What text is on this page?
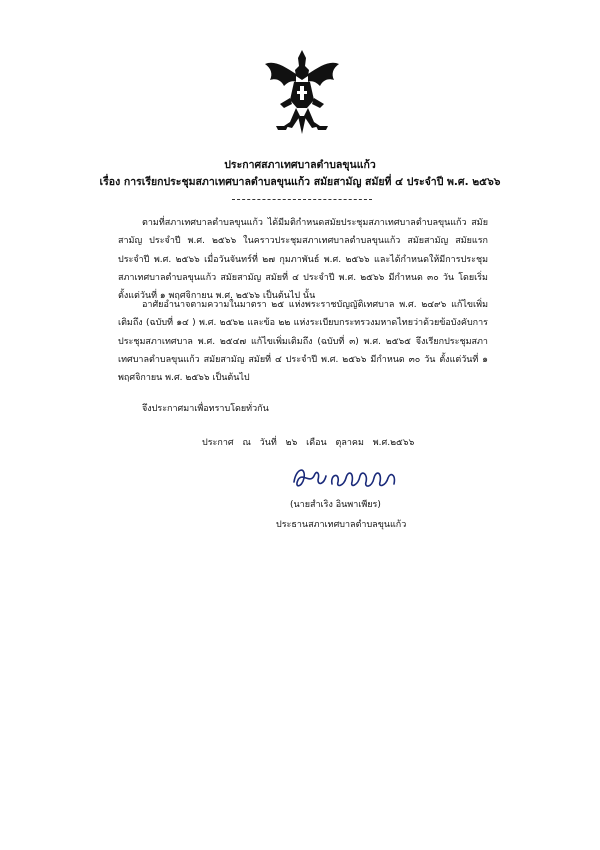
ประกาศสภาเทศบาลตำบลขุนแก้ว
เรื่อง การเรียกประชุมสภาเทศบาลตำบลขุนแก้ว สมัยสามัญ สมัยที่ ๔ ประจำปี พ.ศ. ๒๕๖๖

ตามที่สภาเทศบาลตำบลขุนแก้ว ได้มีมติกำหนดสมัยประชุมสภาเทศบาลตำบลขุนแก้ว สมัยสามัญ ประจำปี พ.ศ. ๒๕๖๖ ในคราวประชุมสภาเทศบาลตำบลขุนแก้ว สมัยสามัญ สมัยแรก ประจำปี พ.ศ. ๒๕๖๖ เมื่อวันจันทร์ที่ ๒๗ กุมภาพันธ์ พ.ศ. ๒๕๖๖ และได้กำหนดให้มีการประชุมสภาเทศบาลตำบลขุนแก้ว สมัยสามัญ สมัยที่ ๔ ประจำปี พ.ศ. ๒๕๖๖ มีกำหนด ๓๐ วัน โดยเริ่มตั้งแต่วันที่ ๑ พฤศจิกายน พ.ศ. ๒๕๖๖ เป็นต้นไป นั้น

อาศัยอำนาจตามความในมาตรา ๒๕ แห่งพระราชบัญญัติเทศบาล พ.ศ. ๒๔๙๖ แก้ไขเพิ่มเติมถึง (ฉบับที่ ๑๔ ) พ.ศ. ๒๕๖๒ และข้อ ๒๒ แห่งระเบียบกระทรวงมหาดไทยว่าด้วยข้อบังคับการประชุมสภาเทศบาล พ.ศ. ๒๕๔๗ แก้ไขเพิ่มเติมถึง (ฉบับที่ ๓) พ.ศ. ๒๕๖๕ จึงเรียกประชุมสภาเทศบาลตำบลขุนแก้ว สมัยสามัญ สมัยที่ ๔ ประจำปี พ.ศ. ๒๕๖๖ มีกำหนด ๓๐ วัน ตั้งแต่วันที่ ๑ พฤศจิกายน พ.ศ. ๒๕๖๖ เป็นต้นไป

จึงประกาศมาเพื่อทราบโดยทั่วกัน

ประกาศ ณ วันที่ ๒๖ เดือน ตุลาคม พ.ศ.๒๕๖๖
(นายสำเริง อินพาเพียร)
ประธานสภาเทศบาลตำบลขุนแก้ว
